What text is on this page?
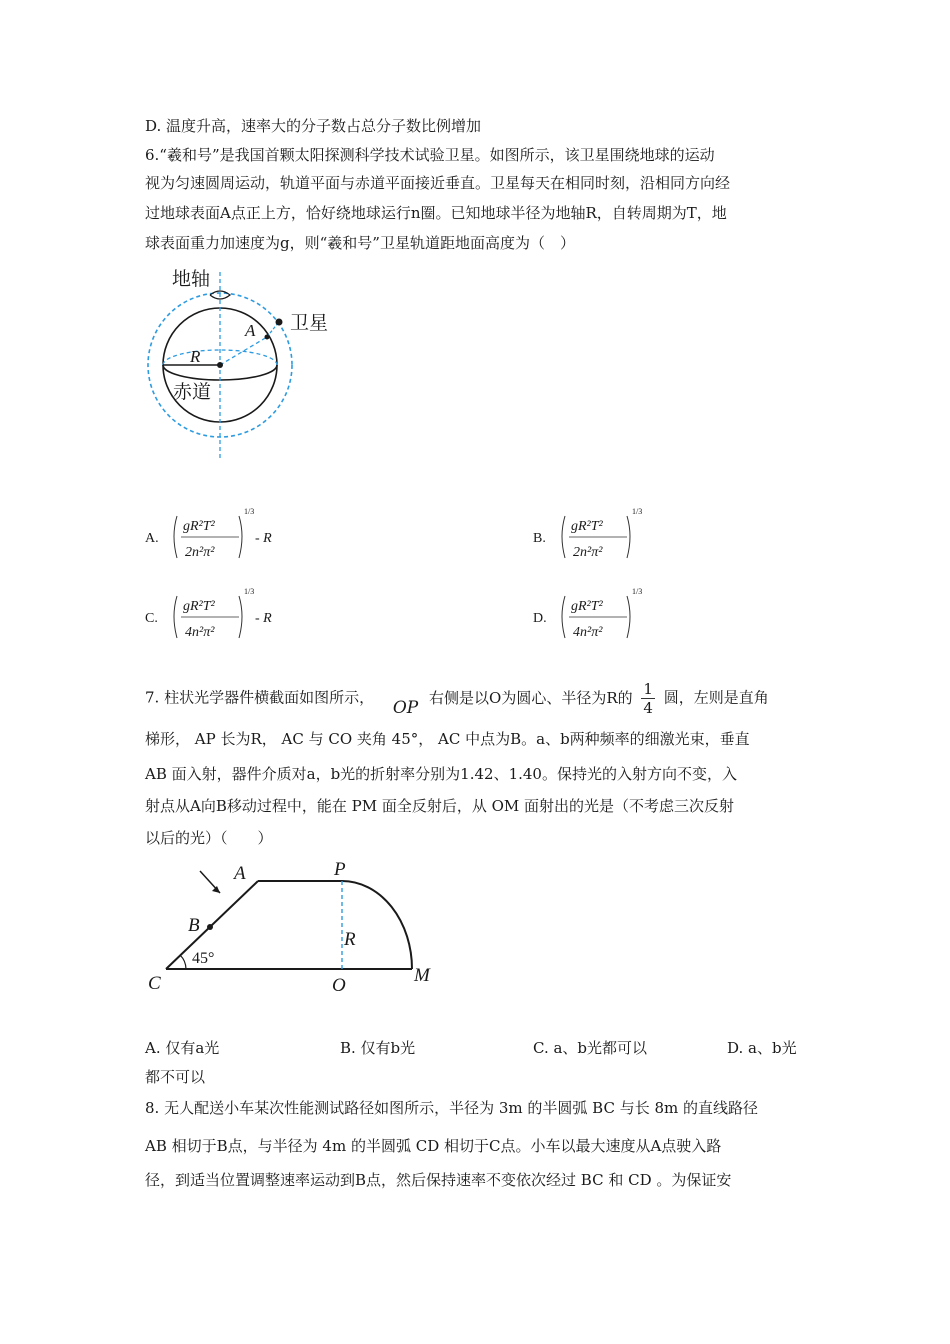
D. 温度升高，速率大的分子数占总分子数比例增加
6.“羲和号”是我国首颗太阳探测科学技术试验卫星。如图所示，该卫星围绕地球的运动
视为匀速圆周运动，轨道平面与赤道平面接近垂直。卫星每天在相同时刻，沿相同方向经
过地球表面A点正上方，恰好绕地球运行n圈。已知地球半径为地轴R，自转周期为T，地
球表面重力加速度为g，则“羲和号”卫星轨道距地面高度为（　）
地轴
卫星
赤道
A
R
A.
gR²T²
2n²π²
1/3
- R	B.
gR²T²
2n²π²
1/3
C.
gR²T²
4n²π²
1/3
- R	D.
gR²T²
4n²π²
1/3
7. 柱状光学器件横截面如图所示， OP 右侧是以O为圆心、半径为R的 $\frac{1}{4}$ 圆，左则是直角
梯形， AP 长为R， AC 与 CO 夹角 45°， AC 中点为B。a、b两种频率的细激光束，垂直
AB 面入射，器件介质对a，b光的折射率分别为1.42、1.40。保持光的入射方向不变，入
射点从A向B移动过程中，能在 PM 面全反射后，从 OM 面射出的光是（不考虑三次反射
以后的光）（　　）
A	P
B
R
45°
C	O	M
A. 仅有a光	B. 仅有b光	C. a、b光都可以	D. a、b光
都不可以
8. 无人配送小车某次性能测试路径如图所示，半径为 3m 的半圆弧 BC 与长 8m 的直线路径
AB 相切于B点，与半径为 4m 的半圆弧 CD 相切于C点。小车以最大速度从A点驶入路
径，到适当位置调整速率运动到B点，然后保持速率不变依次经过 BC 和 CD 。为保证安
